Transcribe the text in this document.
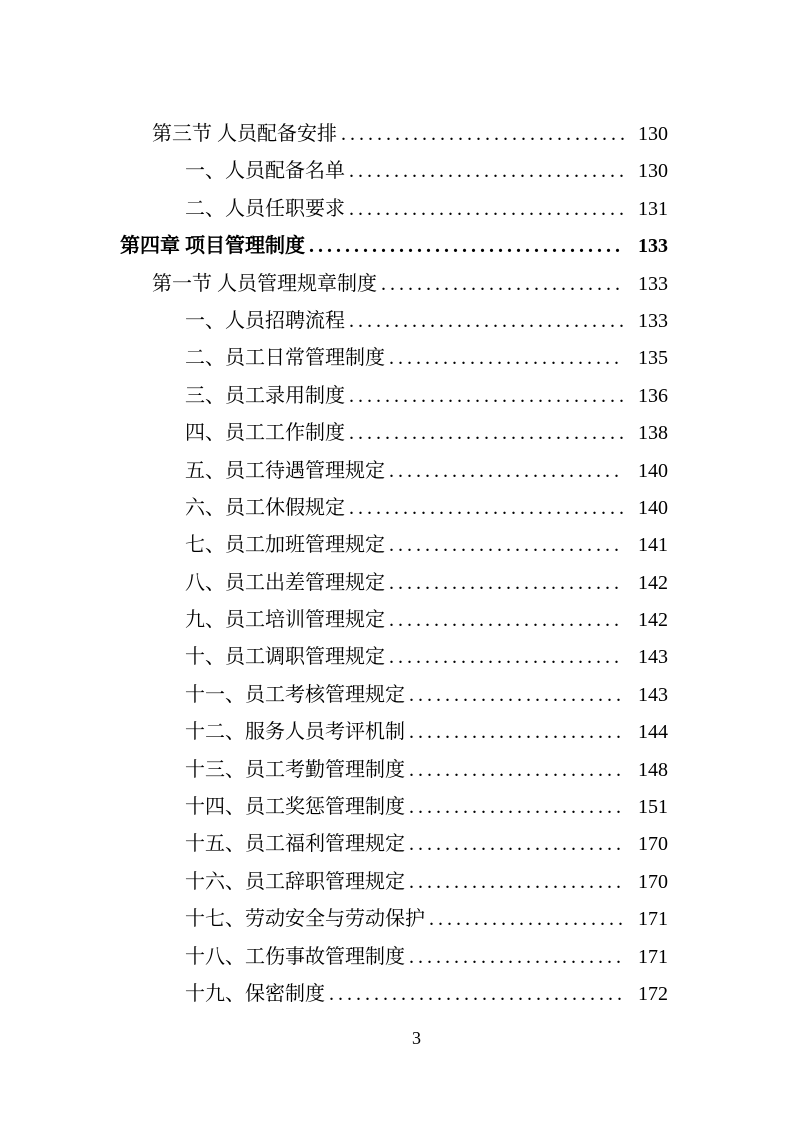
第三节 人员配备安排 .....	130
一、人员配备名单 .....	130
二、人员任职要求 .....	131
第四章 项目管理制度 .....	133
第一节 人员管理规章制度 .....	133
一、人员招聘流程 .....	133
二、员工日常管理制度 .....	135
三、员工录用制度 .....	136
四、员工工作制度 .....	138
五、员工待遇管理规定 .....	140
六、员工休假规定 .....	140
七、员工加班管理规定 .....	141
八、员工出差管理规定 .....	142
九、员工培训管理规定 .....	142
十、员工调职管理规定 .....	143
十一、员工考核管理规定 .....	143
十二、服务人员考评机制 .....	144
十三、员工考勤管理制度 .....	148
十四、员工奖惩管理制度 .....	151
十五、员工福利管理规定 .....	170
十六、员工辞职管理规定 .....	170
十七、劳动安全与劳动保护 .....	171
十八、工伤事故管理制度 .....	171
十九、保密制度 .....	172
3
